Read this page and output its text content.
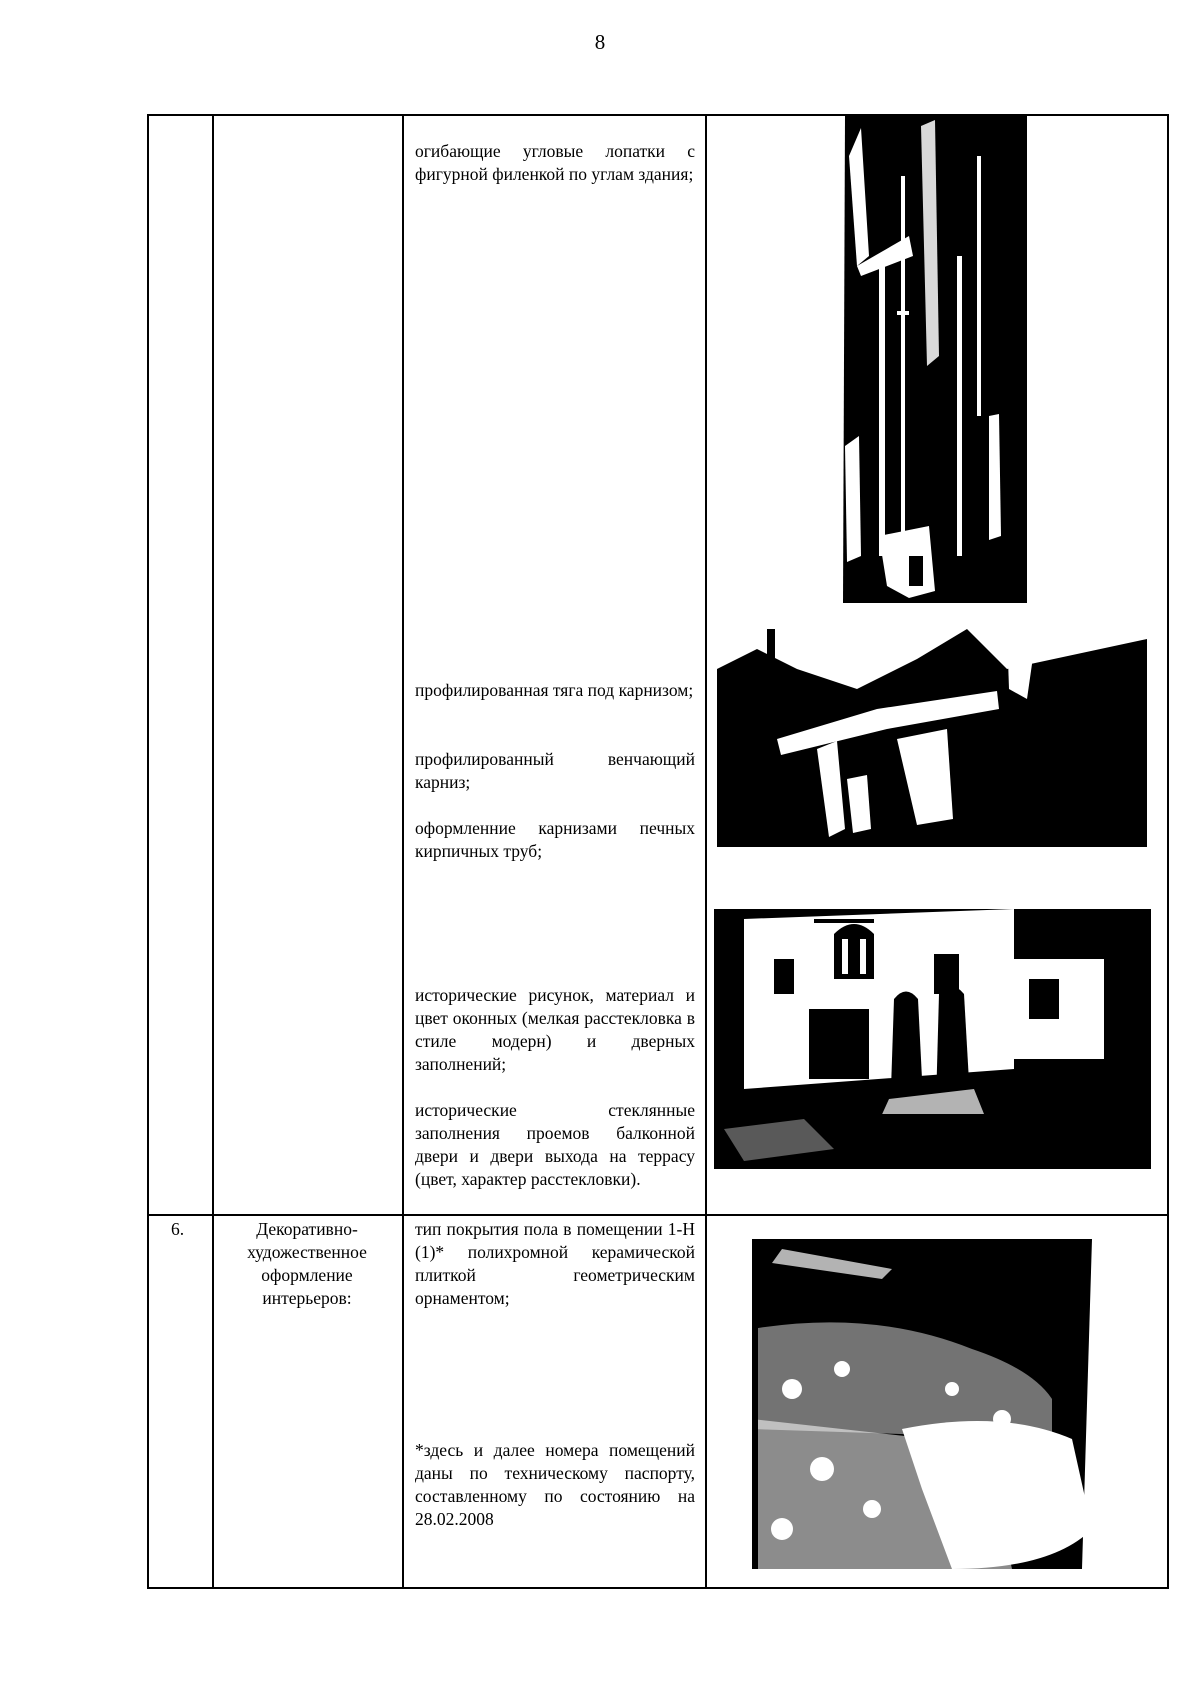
8
огибающие угловые лопатки с фигурной филенкой по углам здания;
профилированная тяга под карнизом;
профилированный венчающий карниз;
оформленние карнизами печных кирпичных труб;
исторические рисунок, материал и цвет оконных (мелкая расстекловка в стиле модерн) и дверных заполнений;
исторические стеклянные заполнения проемов балконной двери и двери выхода на террасу (цвет, характер расстекловки).
6.	Декоративно-художественное оформление интерьеров:
тип покрытия пола в помещении 1-Н (1)* полихромной керамической плиткой геометрическим орнаментом;
*здесь и далее номера помещений даны по техническому паспорту, составленному по состоянию на 28.02.2008
